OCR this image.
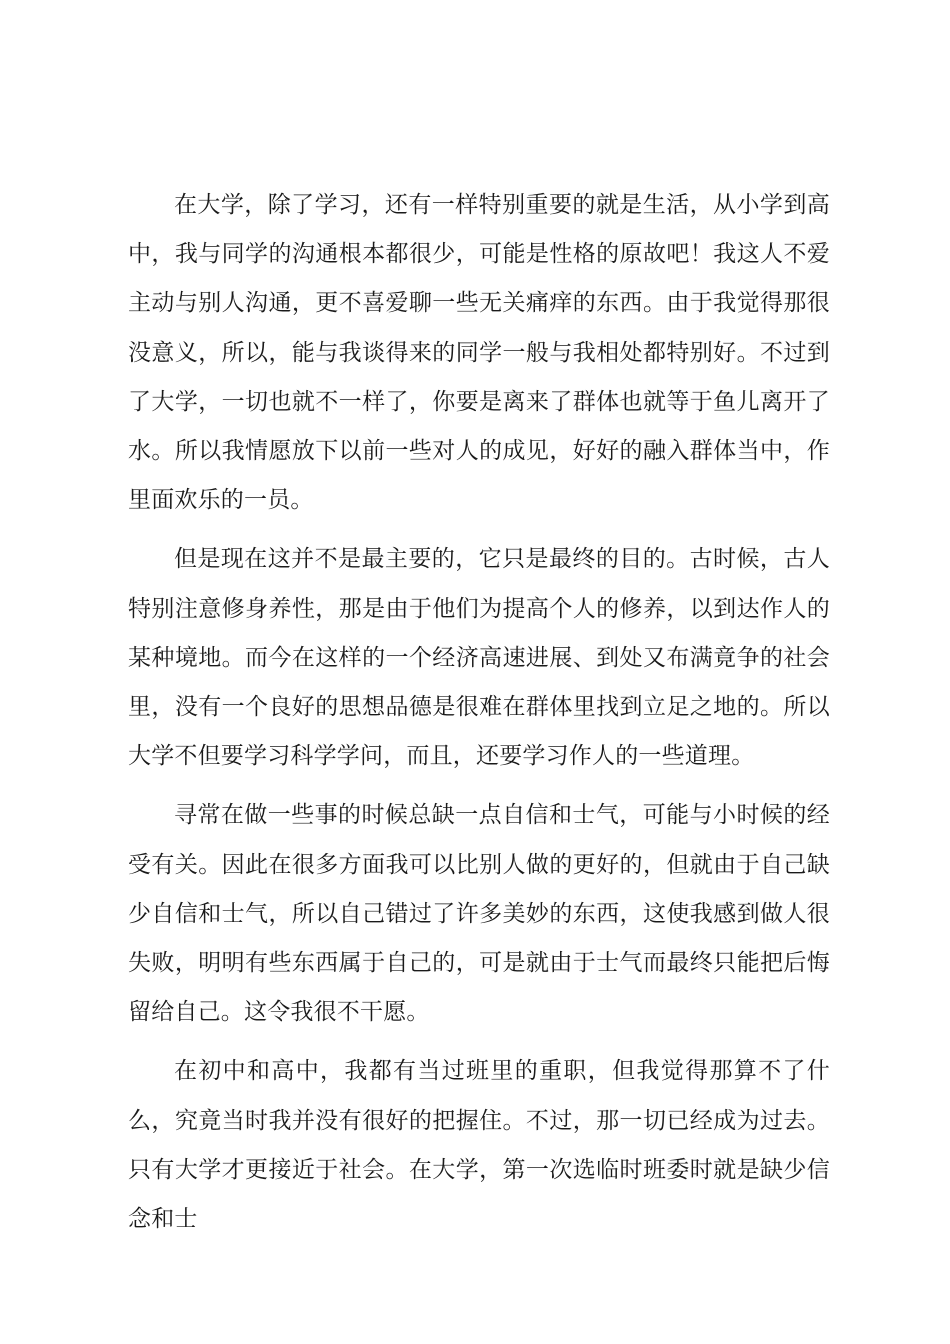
在大学，除了学习，还有一样特别重要的就是生活，从小学到高中，我与同学的沟通根本都很少，可能是性格的原故吧！我这人不爱主动与别人沟通，更不喜爱聊一些无关痛痒的东西。由于我觉得那很没意义，所以，能与我谈得来的同学一般与我相处都特别好。不过到了大学，一切也就不一样了，你要是离来了群体也就等于鱼儿离开了水。所以我情愿放下以前一些对人的成见，好好的融入群体当中，作里面欢乐的一员。

但是现在这并不是最主要的，它只是最终的目的。古时候，古人特别注意修身养性，那是由于他们为提高个人的修养，以到达作人的某种境地。而今在这样的一个经济高速进展、到处又布满竟争的社会里，没有一个良好的思想品德是很难在群体里找到立足之地的。所以大学不但要学习科学学问，而且，还要学习作人的一些道理。

寻常在做一些事的时候总缺一点自信和士气，可能与小时候的经受有关。因此在很多方面我可以比别人做的更好的，但就由于自己缺少自信和士气，所以自己错过了许多美妙的东西，这使我感到做人很失败，明明有些东西属于自己的，可是就由于士气而最终只能把后悔留给自己。这令我很不干愿。

在初中和高中，我都有当过班里的重职，但我觉得那算不了什么，究竟当时我并没有很好的把握住。不过，那一切已经成为过去。只有大学才更接近于社会。在大学，第一次选临时班委时就是缺少信念和士
